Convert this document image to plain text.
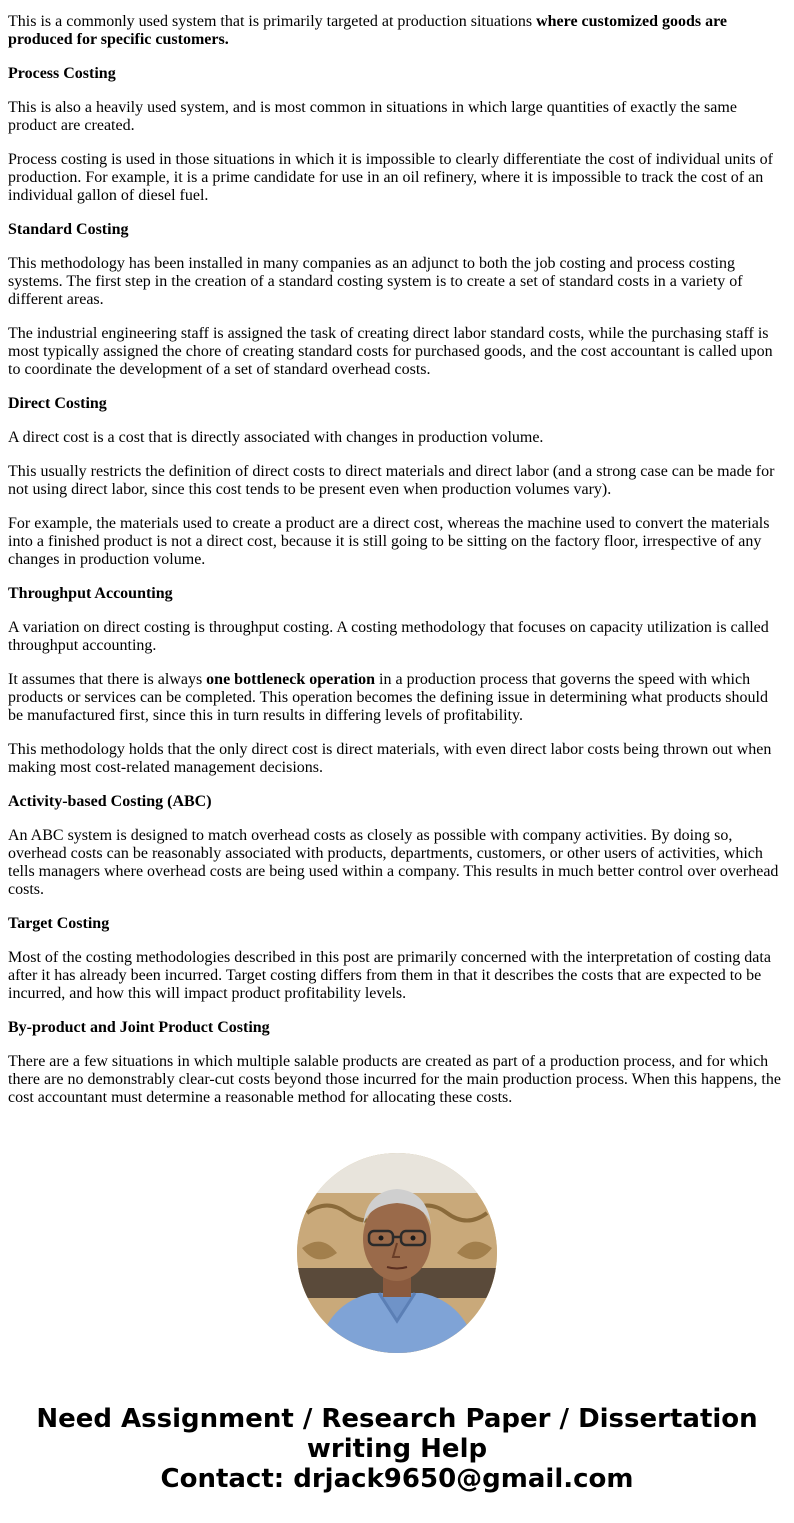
This is a commonly used system that is primarily targeted at production situations where customized goods are produced for specific customers.

Process Costing

This is also a heavily used system, and is most common in situations in which large quantities of exactly the same product are created.

Process costing is used in those situations in which it is impossible to clearly differentiate the cost of individual units of production. For example, it is a prime candidate for use in an oil refinery, where it is impossible to track the cost of an individual gallon of diesel fuel.

Standard Costing

This methodology has been installed in many companies as an adjunct to both the job costing and process costing systems. The first step in the creation of a standard costing system is to create a set of standard costs in a variety of different areas.

The industrial engineering staff is assigned the task of creating direct labor standard costs, while the purchasing staff is most typically assigned the chore of creating standard costs for purchased goods, and the cost accountant is called upon to coordinate the development of a set of standard overhead costs.

Direct Costing

A direct cost is a cost that is directly associated with changes in production volume.

This usually restricts the definition of direct costs to direct materials and direct labor (and a strong case can be made for not using direct labor, since this cost tends to be present even when production volumes vary).

For example, the materials used to create a product are a direct cost, whereas the machine used to convert the materials into a finished product is not a direct cost, because it is still going to be sitting on the factory floor, irrespective of any changes in production volume.

Throughput Accounting

A variation on direct costing is throughput costing. A costing methodology that focuses on capacity utilization is called throughput accounting.

It assumes that there is always one bottleneck operation in a production process that governs the speed with which products or services can be completed. This operation becomes the defining issue in determining what products should be manufactured first, since this in turn results in differing levels of profitability.

This methodology holds that the only direct cost is direct materials, with even direct labor costs being thrown out when making most cost-related management decisions.

Activity-based Costing (ABC)

An ABC system is designed to match overhead costs as closely as possible with company activities. By doing so, overhead costs can be reasonably associated with products, departments, customers, or other users of activities, which tells managers where overhead costs are being used within a company. This results in much better control over overhead costs.

Target Costing

Most of the costing methodologies described in this post are primarily concerned with the interpretation of costing data after it has already been incurred. Target costing differs from them in that it describes the costs that are expected to be incurred, and how this will impact product profitability levels.

By-product and Joint Product Costing

There are a few situations in which multiple salable products are created as part of a production process, and for which there are no demonstrably clear-cut costs beyond those incurred for the main production process. When this happens, the cost accountant must determine a reasonable method for allocating these costs.

Need Assignment / Research Paper / Dissertation
writing Help
Contact: drjack9650@gmail.com
